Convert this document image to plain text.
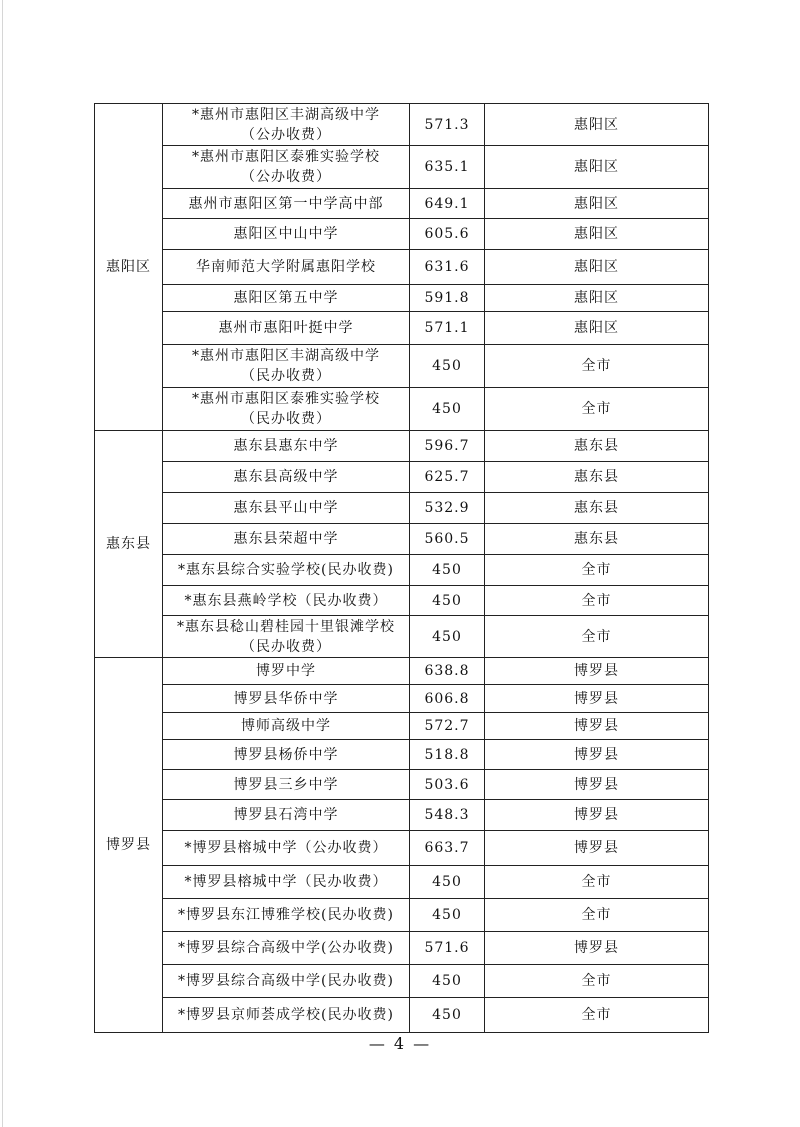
惠阳区	*惠州市惠阳区丰湖高级中学
（公办收费）	571.3	惠阳区

	*惠州市惠阳区泰雅实验学校
（公办收费）	635.1	惠阳区

	惠州市惠阳区第一中学高中部	649.1	惠阳区

	惠阳区中山中学	605.6	惠阳区

	华南师范大学附属惠阳学校	631.6	惠阳区

	惠阳区第五中学	591.8	惠阳区

	惠州市惠阳叶挺中学	571.1	惠阳区

	*惠州市惠阳区丰湖高级中学
（民办收费）	450	全市

	*惠州市惠阳区泰雅实验学校
（民办收费）	450	全市
惠东县	惠东县惠东中学	596.7	惠东县

	惠东县高级中学	625.7	惠东县

	惠东县平山中学	532.9	惠东县

	惠东县荣超中学	560.5	惠东县

	*惠东县综合实验学校(民办收费)	450	全市

	*惠东县燕岭学校（民办收费）	450	全市

	*惠东县稔山碧桂园十里银滩学校
（民办收费）	450	全市
博罗县	博罗中学	638.8	博罗县

	博罗县华侨中学	606.8	博罗县

	博师高级中学	572.7	博罗县

	博罗县杨侨中学	518.8	博罗县

	博罗县三乡中学	503.6	博罗县

	博罗县石湾中学	548.3	博罗县

	*博罗县榕城中学（公办收费）	663.7	博罗县

	*博罗县榕城中学（民办收费）	450	全市

	*博罗县东江博雅学校(民办收费)	450	全市

	*博罗县综合高级中学(公办收费)	571.6	博罗县

	*博罗县综合高级中学(民办收费)	450	全市

	*博罗县京师荟成学校(民办收费)	450	全市
— 4 —
